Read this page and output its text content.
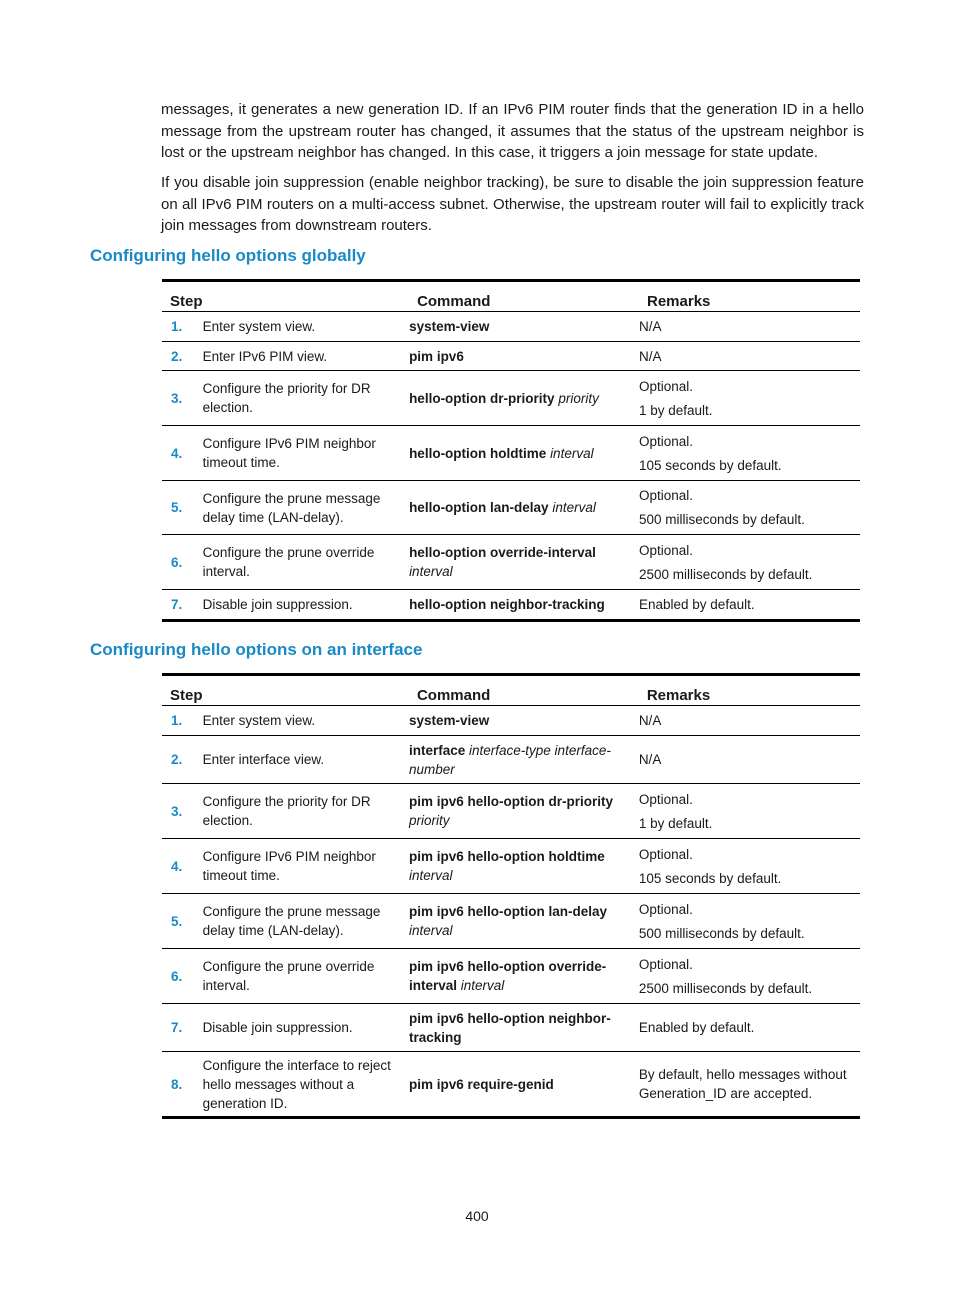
messages, it generates a new generation ID. If an IPv6 PIM router finds that the generation ID in a hello message from the upstream router has changed, it assumes that the status of the upstream neighbor is lost or the upstream neighbor has changed. In this case, it triggers a join message for state update.

If you disable join suppression (enable neighbor tracking), be sure to disable the join suppression feature on all IPv6 PIM routers on a multi-access subnet. Otherwise, the upstream router will fail to explicitly track join messages from downstream routers.

Configuring hello options globally
Step		Command	Remarks
1.	Enter system view.	system-view	N/A

2.	Enter IPv6 PIM view.	pim ipv6	N/A

3.	Configure the priority for DR election.	hello-option dr-priority priority	Optional.
1 by default.

4.	Configure IPv6 PIM neighbor timeout time.	hello-option holdtime interval	Optional.
105 seconds by default.

5.	Configure the prune message delay time (LAN-delay).	hello-option lan-delay interval	Optional.
500 milliseconds by default.

6.	Configure the prune override interval.	hello-option override-interval interval	Optional.
2500 milliseconds by default.

7.	Disable join suppression.	hello-option neighbor-tracking	Enabled by default.
Configuring hello options on an interface
Step		Command	Remarks
1.	Enter system view.	system-view	N/A

2.	Enter interface view.	interface interface-type interface-number	N/A

3.	Configure the priority for DR election.	pim ipv6 hello-option dr-priority priority	Optional.
1 by default.

4.	Configure IPv6 PIM neighbor timeout time.	pim ipv6 hello-option holdtime interval	Optional.
105 seconds by default.

5.	Configure the prune message delay time (LAN-delay).	pim ipv6 hello-option lan-delay interval	Optional.
500 milliseconds by default.

6.	Configure the prune override interval.	pim ipv6 hello-option override-interval interval	Optional.
2500 milliseconds by default.

7.	Disable join suppression.	pim ipv6 hello-option neighbor-tracking	Enabled by default.

8.	Configure the interface to reject hello messages without a generation ID.	pim ipv6 require-genid	By default, hello messages without Generation_ID are accepted.
400
